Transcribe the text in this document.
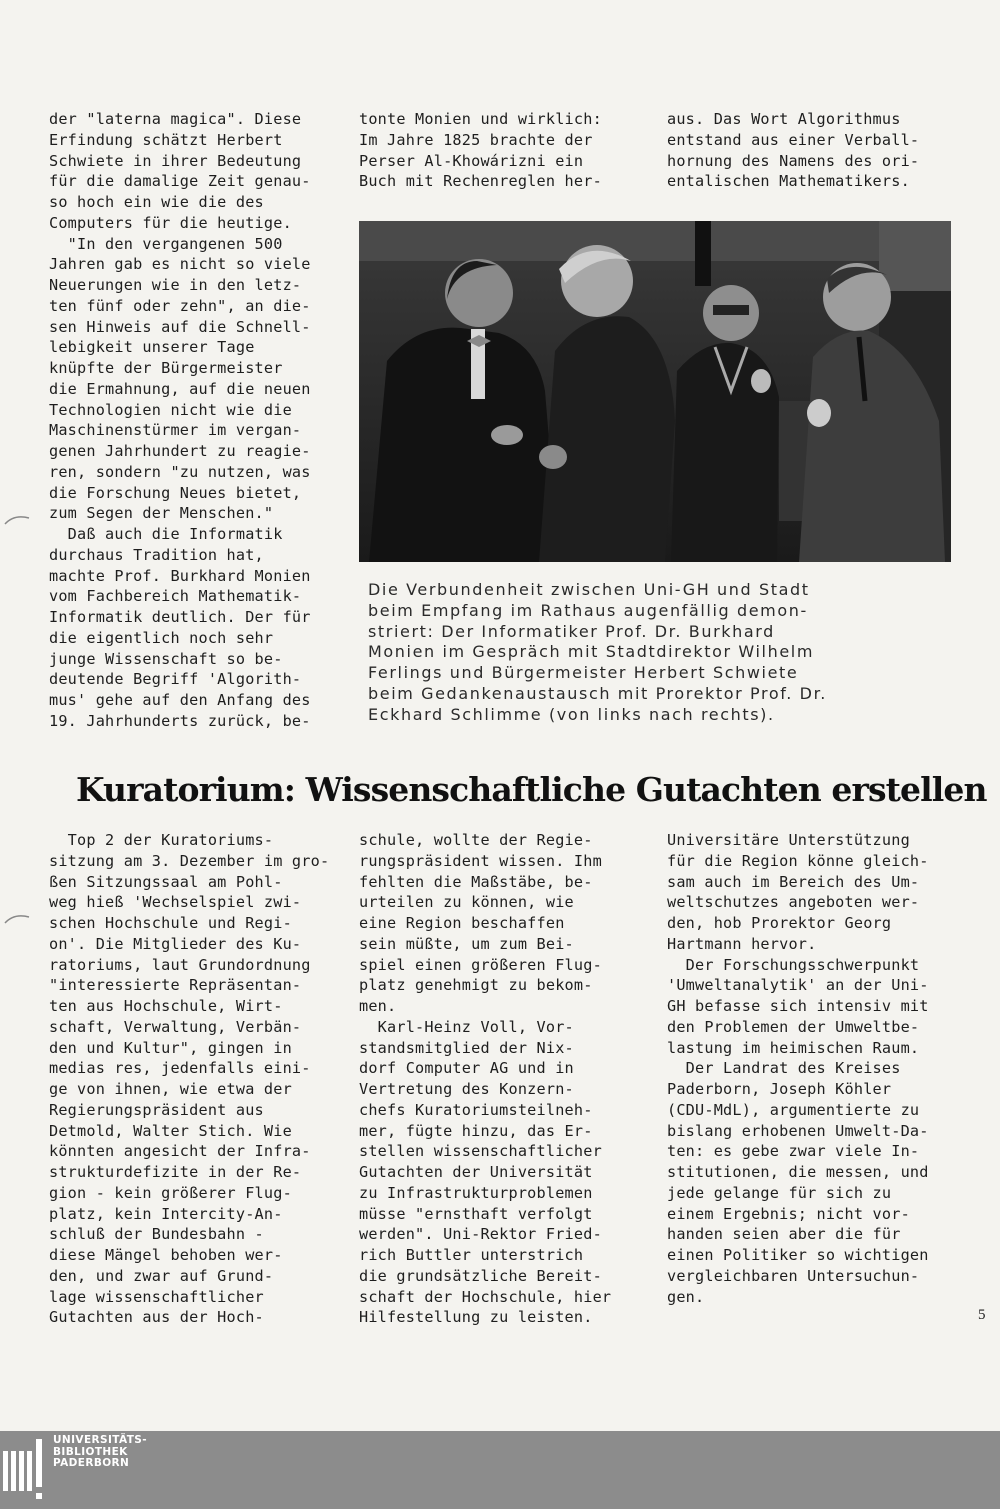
der "laterna magica". Diese
Erfindung schätzt Herbert
Schwiete in ihrer Bedeutung
für die damalige Zeit genau-
so hoch ein wie die des
Computers für die heutige.
"In den vergangenen 500
Jahren gab es nicht so viele
Neuerungen wie in den letz-
ten fünf oder zehn", an die-
sen Hinweis auf die Schnell-
lebigkeit unserer Tage
knüpfte der Bürgermeister
die Ermahnung, auf die neuen
Technologien nicht wie die
Maschinenstürmer im vergan-
genen Jahrhundert zu reagie-
ren, sondern "zu nutzen, was
die Forschung Neues bietet,
zum Segen der Menschen."
Daß auch die Informatik
durchaus Tradition hat,
machte Prof. Burkhard Monien
vom Fachbereich Mathematik-
Informatik deutlich. Der für
die eigentlich noch sehr
junge Wissenschaft so be-
deutende Begriff 'Algorith-
mus' gehe auf den Anfang des
19. Jahrhunderts zurück, be-
tonte Monien und wirklich:
Im Jahre 1825 brachte der
Perser Al-Khowárizni ein
Buch mit Rechenreglen her-
aus. Das Wort Algorithmus
entstand aus einer Verball-
hornung des Namens des ori-
entalischen Mathematikers.
Die Verbundenheit zwischen Uni-GH und Stadt
beim Empfang im Rathaus augenfällig demon-
striert: Der Informatiker Prof. Dr. Burkhard
Monien im Gespräch mit Stadtdirektor Wilhelm
Ferlings und Bürgermeister Herbert Schwiete
beim Gedankenaustausch mit Prorektor Prof. Dr.
Eckhard Schlimme (von links nach rechts).
Kuratorium: Wissenschaftliche Gutachten erstellen
Top 2 der Kuratoriums-
sitzung am 3. Dezember im gro-
ßen Sitzungssaal am Pohl-
weg hieß 'Wechselspiel zwi-
schen Hochschule und Regi-
on'. Die Mitglieder des Ku-
ratoriums, laut Grundordnung
"interessierte Repräsentan-
ten aus Hochschule, Wirt-
schaft, Verwaltung, Verbän-
den und Kultur", gingen in
medias res, jedenfalls eini-
ge von ihnen, wie etwa der
Regierungspräsident aus
Detmold, Walter Stich. Wie
könnten angesicht der Infra-
strukturdefizite in der Re-
gion - kein größerer Flug-
platz, kein Intercity-An-
schluß der Bundesbahn -
diese Mängel behoben wer-
den, und zwar auf Grund-
lage wissenschaftlicher
Gutachten aus der Hoch-
schule, wollte der Regie-
rungspräsident wissen. Ihm
fehlten die Maßstäbe, be-
urteilen zu können, wie
eine Region beschaffen
sein müßte, um zum Bei-
spiel einen größeren Flug-
platz genehmigt zu bekom-
men.
Karl-Heinz Voll, Vor-
standsmitglied der Nix-
dorf Computer AG und in
Vertretung des Konzern-
chefs Kuratoriumsteilneh-
mer, fügte hinzu, das Er-
stellen wissenschaftlicher
Gutachten der Universität
zu Infrastrukturproblemen
müsse "ernsthaft verfolgt
werden". Uni-Rektor Fried-
rich Buttler unterstrich
die grundsätzliche Bereit-
schaft der Hochschule, hier
Hilfestellung zu leisten.
Universitäre Unterstützung
für die Region könne gleich-
sam auch im Bereich des Um-
weltschutzes angeboten wer-
den, hob Prorektor Georg
Hartmann hervor.
Der Forschungsschwerpunkt
'Umweltanalytik' an der Uni-
GH befasse sich intensiv mit
den Problemen der Umweltbe-
lastung im heimischen Raum.
Der Landrat des Kreises
Paderborn, Joseph Köhler
(CDU-MdL), argumentierte zu
bislang erhobenen Umwelt-Da-
ten: es gebe zwar viele In-
stitutionen, die messen, und
jede gelange für sich zu
einem Ergebnis; nicht vor-
handen seien aber die für
einen Politiker so wichtigen
vergleichbaren Untersuchun-
gen.
5
UNIVERSITÄTS-
BIBLIOTHEK
PADERBORN
